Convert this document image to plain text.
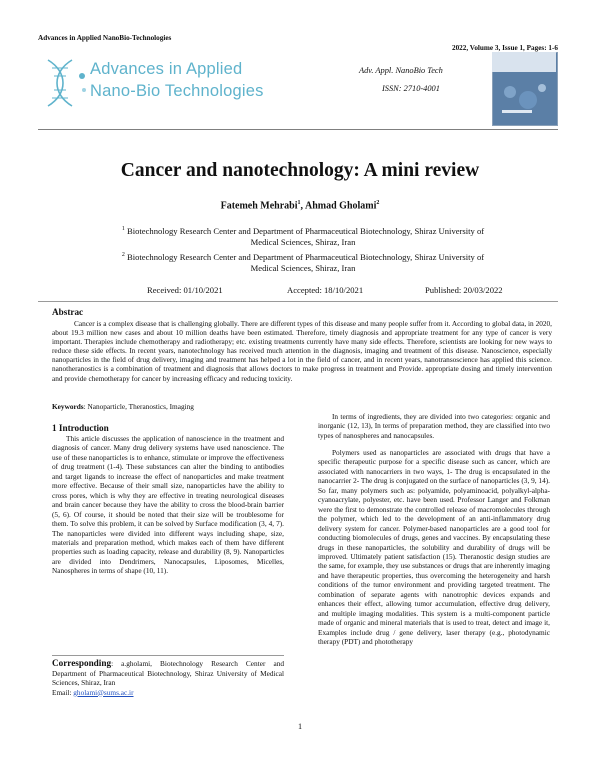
Advances in Applied NanoBio-Technologies
2022, Volume 3, Issue 1, Pages: 1-6
Advances in Applied
Nano-Bio Technologies
Adv. Appl. NanoBio Tech
ISSN: 2710-4001
Cancer and nanotechnology: A mini review
Fatemeh Mehrabi$^1$, Ahmad Gholami$^2$
$^1$ Biotechnology Research Center and Department of Pharmaceutical Biotechnology, Shiraz University of Medical Sciences, Shiraz, Iran
$^2$ Biotechnology Research Center and Department of Pharmaceutical Biotechnology, Shiraz University of Medical Sciences, Shiraz, Iran
Received: 01/10/2021	Accepted: 18/10/2021	Published: 20/03/2022
Abstrac
Cancer is a complex disease that is challenging globally. There are different types of this disease and many people suffer from it. According to global data, in 2020, about 19.3 million new cases and about 10 million deaths have been estimated. Therefore, timely diagnosis and appropriate treatment for any type of cancer is very important. Therapies include chemotherapy and radiotherapy; etc. existing treatments currently have many side effects. Therefore, scientists are looking for new ways to reduce these side effects. In recent years, nanotechnology has received much attention in the diagnosis, imaging and treatment of this disease. Nanoscience, especially nanoparticles in the field of drug delivery, imaging and treatment has helped a lot in the field of cancer, and in recent years, nanotransoscience has applied this science. nanotheranostics is a combination of treatment and diagnosis that allows doctors to make progress in treatment and Provide. appropriate dosing and timely intervention and provide chemotherapy for cancer by increasing efficacy and reducing toxicity.
Keywords: Nanoparticle, Theranostics, Imaging
1 Introduction

This article discusses the application of nanoscience in the treatment and diagnosis of cancer. Many drug delivery systems have used nanoscience. The use of these nanoparticles is to enhance, stimulate or improve the effectiveness of drug treatment (1-4). These substances can alter the binding to antibodies and target ligands to increase the effect of nanoparticles and make treatment more effective. Because of their small size, nanoparticles have the ability to cross pores, which is why they are effective in treating neurological diseases and brain cancer because they have the ability to cross the blood-brain barrier (5, 6). Of course, it should be noted that their size will be troublesome for them. To solve this problem, it can be solved by Surface modification (3, 4, 7). The nanoparticles were divided into different ways including shape, size, materials and preparation method, which makes each of them have different properties such as loading capacity, release and durability (8, 9). Nanoparticles are divided into Dendrimers, Nanocapsules, Liposomes, Micelles, Nanospheres in terms of shape (10, 11).

Corresponding: a.gholami, Biotechnology Research Center and Department of Pharmaceutical Biotechnology, Shiraz University of Medical Sciences, Shiraz, Iran
Email: gholami@sums.ac.ir

In terms of ingredients, they are divided into two categories: organic and inorganic (12, 13), In terms of preparation method, they are classified into two types of nanospheres and nanocapsules.

Polymers used as nanoparticles are associated with drugs that have a specific therapeutic purpose for a specific disease such as cancer, which are associated with nanocarriers in two ways, 1- The drug is encapsulated in the nanocarrier 2- The drug is conjugated on the surface of nanoparticles (3, 9, 14). So far, many polymers such as: polyamide, polyaminoacid, polyalkyl-alpha-cyanoacrylate, polyester, etc. have been used. Professor Langer and Folkman were the first to demonstrate the controlled release of macromolecules through the polymer, which led to the development of an anti-inflammatory drug delivery system for cancer. Polymer-based nanoparticles are a good tool for conducting biomolecules of drugs, genes and vaccines. By encapsulating these drugs in these nanoparticles, the solubility and durability of drugs will be improved. Ultimately patient satisfaction (15). Theranostic design studies are the same, for example, they use substances or drugs that are inherently imaging and have therapeutic properties, thus overcoming the heterogeneity and harsh conditions of the tumor environment and providing targeted treatment. The combination of separate agents with nanotrophic devices expands and enhances their effect, allowing tumor accumulation, effective drug delivery, and multiple imaging modalities. This system is a multi-component particle made of organic and mineral materials that is used to treat, detect and image it, Examples include drug / gene delivery, laser therapy (e.g., photodynamic therapy (PDT) and phototherapy

1
